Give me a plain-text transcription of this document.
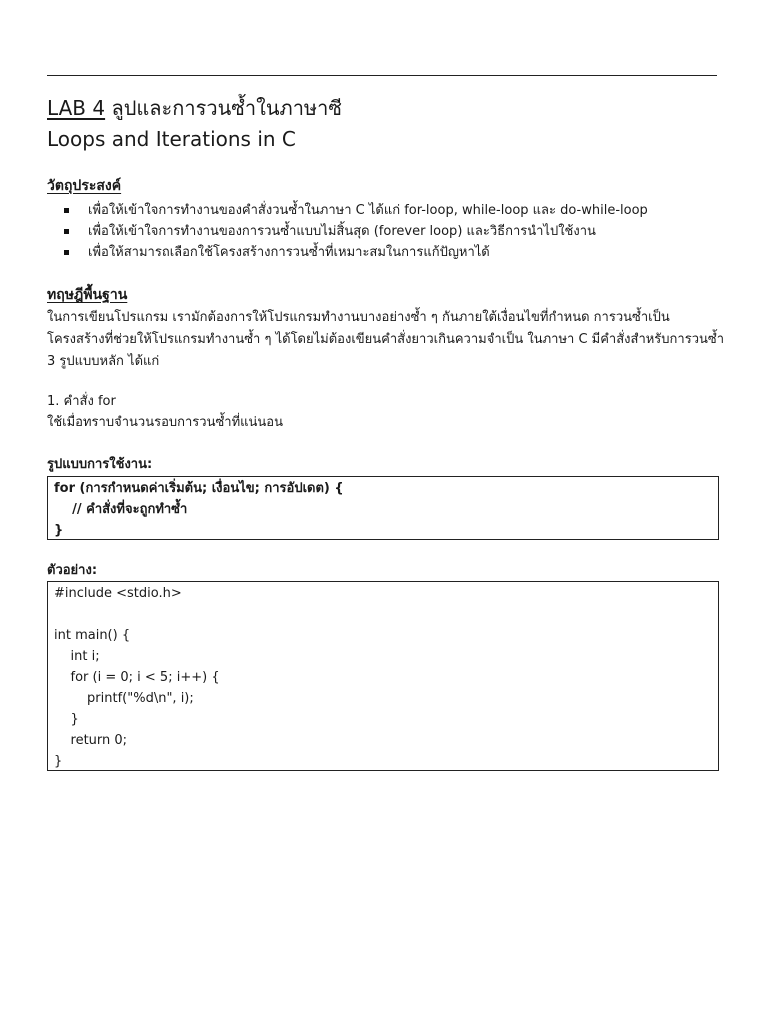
LAB 4 ลูปและการวนซ้ำในภาษาซี
Loops and Iterations in C
วัตถุประสงค์
เพื่อให้เข้าใจการทำงานของคำสั่งวนซ้ำในภาษา C ได้แก่ for-loop, while-loop และ do-while-loop
เพื่อให้เข้าใจการทำงานของการวนซ้ำแบบไม่สิ้นสุด (forever loop) และวิธีการนำไปใช้งาน
เพื่อให้สามารถเลือกใช้โครงสร้างการวนซ้ำที่เหมาะสมในการแก้ปัญหาได้
ทฤษฎีพื้นฐาน
ในการเขียนโปรแกรม เรามักต้องการให้โปรแกรมทำงานบางอย่างซ้ำ ๆ กันภายใต้เงื่อนไขที่กำหนด การวนซ้ำเป็น
โครงสร้างที่ช่วยให้โปรแกรมทำงานซ้ำ ๆ ได้โดยไม่ต้องเขียนคำสั่งยาวเกินความจำเป็น ในภาษา C มีคำสั่งสำหรับการวนซ้ำ
3 รูปแบบหลัก ได้แก่
1. คำสั่ง for
ใช้เมื่อทราบจำนวนรอบการวนซ้ำที่แน่นอน
รูปแบบการใช้งาน:
for (การกำหนดค่าเริ่มต้น; เงื่อนไข; การอัปเดต) {
// คำสั่งที่จะถูกทำซ้ำ
}
ตัวอย่าง:
#include <stdio.h>
int main() {
int i;
for (i = 0; i < 5; i++) {
printf("%d\n", i);
}
return 0;
}
